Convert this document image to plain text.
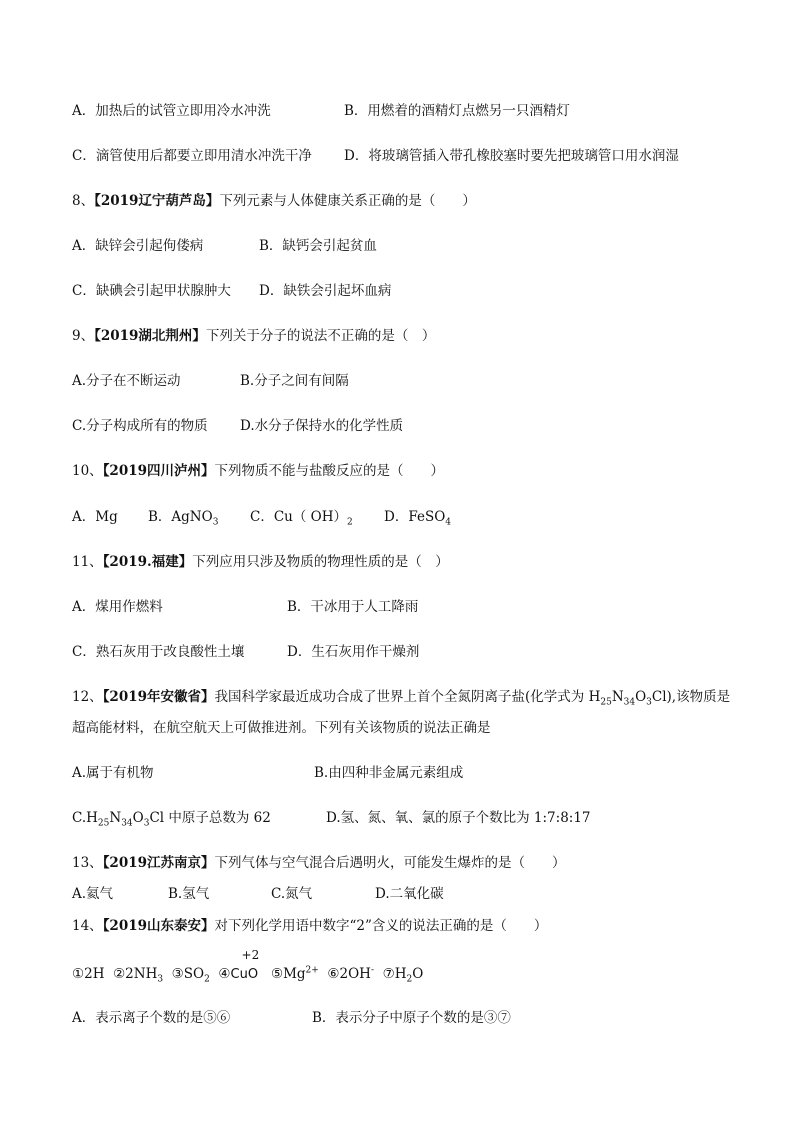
A．加热后的试管立即用冷水冲洗	B．用燃着的酒精灯点燃另一只酒精灯
C．滴管使用后都要立即用清水冲洗干净 D．将玻璃管插入带孔橡胶塞时要先把玻璃管口用水润湿
8、【2019辽宁葫芦岛】下列元素与人体健康关系正确的是（　　）
A．缺锌会引起佝偻病	B．缺钙会引起贫血
C．缺碘会引起甲状腺肿大 D．缺铁会引起坏血病
9、【2019湖北荆州】下列关于分子的说法不正确的是（　）
A.分子在不断运动	B.分子之间有间隔
C.分子构成所有的物质 D.水分子保持水的化学性质
10、【2019四川泸州】下列物质不能与盐酸反应的是（　　）
A．Mg B．AgNO$_3$ C．Cu（ $OH)_2$ D．FeSO$_4$
11、【2019.福建】下列应用只涉及物质的物理性质的是（　）
A．煤用作燃料	B．干冰用于人工降雨
C．熟石灰用于改良酸性土壤	D．生石灰用作干燥剂
12、【2019年安徽省】我国科学家最近成功合成了世界上首个全氮阴离子盐(化学式为 $H_{25}N_{34}O_3Cl$),该物质是
超高能材料，在航空航天上可做推进剂。下列有关该物质的说法正确是
A.属于有机物	B.由四种非金属元素组成
$C.H_{25}N_{34}O_3Cl$ 中原子总数为 62	D.氢、氮、氧、氯的原子个数比为 1:7:8:17
13、【2019江苏南京】下列气体与空气混合后遇明火，可能发生爆炸的是（　　）
A.氦气	B.氢气	C.氮气	D.二氧化碳
14、【2019山东泰安】对下列化学用语中数字“2”含义的说法正确的是（　　）
①2H $②2NH_3$ $③SO_2$ ④
+2
CuO $⑤Mg^{2+}$ ⑥2OH- $⑦H_2O$
A．表示离子个数的是⑤⑥	B．表示分子中原子个数的是③⑦
